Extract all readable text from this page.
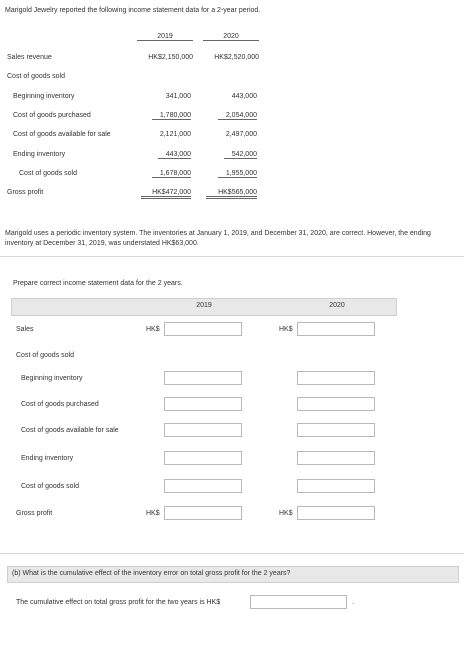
Marigold Jewelry reported the following income statement data for a 2-year period.
2019	2020
Sales revenue	HK$2,150,000	HK$2,520,000
Cost of goods sold
Beginning inventory	341,000	443,000
Cost of goods purchased	1,780,000	2,054,000
Cost of goods available for sale	2,121,000	2,497,000
Ending inventory	443,000	542,000
Cost of goods sold	1,678,000	1,955,000
Gross profit	HK$472,000	HK$565,000
Marigold uses a periodic inventory system. The inventories at January 1, 2019, and December 31, 2020, are correct. However, the ending inventory at December 31, 2019, was understated HK$63,000.
Prepare correct income statement data for the 2 years.
2019	2020
Sales	HK$	HK$
Cost of goods sold
Beginning inventory
Cost of goods purchased
Cost of goods available for sale
Ending inventory
Cost of goods sold
Gross profit	HK$	HK$
(b) What is the cumulative effect of the inventory error on total gross profit for the 2 years?
The cumulative effect on total gross profit for the two years is HK$	.
